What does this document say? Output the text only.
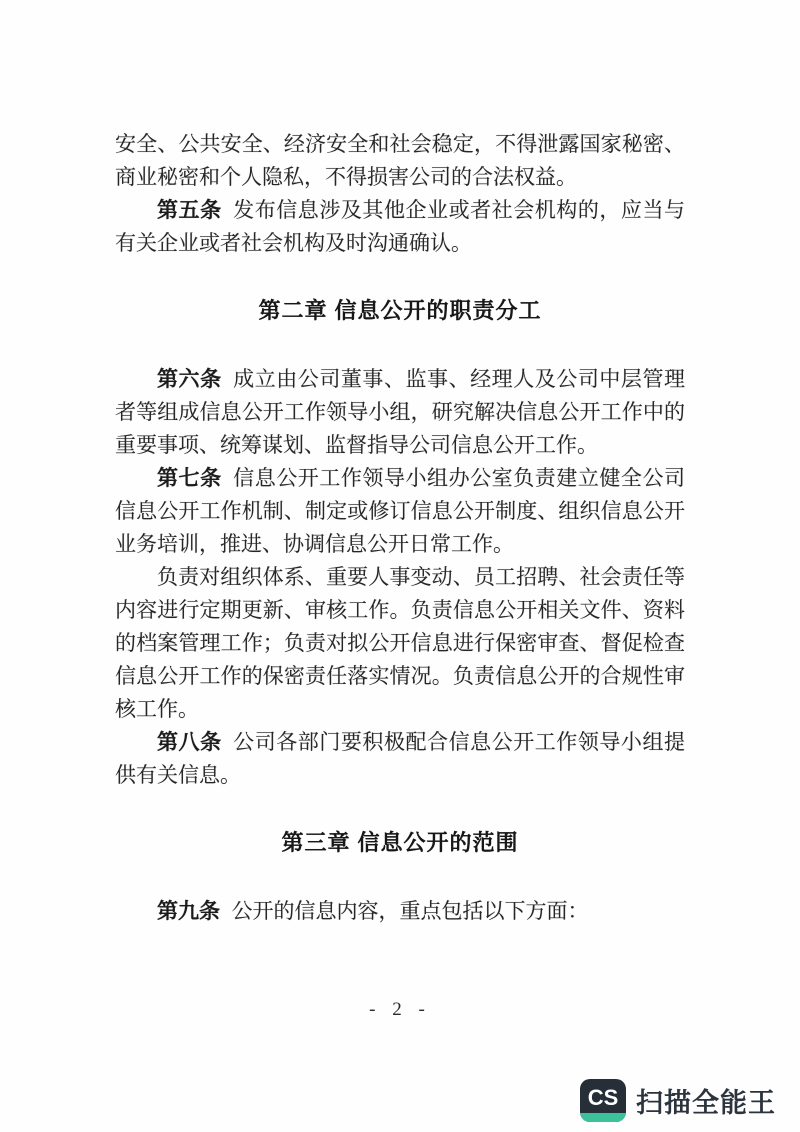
安全、公共安全、经济安全和社会稳定，不得泄露国家秘密、商业秘密和个人隐私，不得损害公司的合法权益。

第五条 发布信息涉及其他企业或者社会机构的，应当与有关企业或者社会机构及时沟通确认。

第二章 信息公开的职责分工

第六条 成立由公司董事、监事、经理人及公司中层管理者等组成信息公开工作领导小组，研究解决信息公开工作中的重要事项、统筹谋划、监督指导公司信息公开工作。

第七条 信息公开工作领导小组办公室负责建立健全公司信息公开工作机制、制定或修订信息公开制度、组织信息公开业务培训，推进、协调信息公开日常工作。

负责对组织体系、重要人事变动、员工招聘、社会责任等内容进行定期更新、审核工作。负责信息公开相关文件、资料的档案管理工作；负责对拟公开信息进行保密审查、督促检查信息公开工作的保密责任落实情况。负责信息公开的合规性审核工作。

第八条 公司各部门要积极配合信息公开工作领导小组提供有关信息。

第三章 信息公开的范围

第九条 公开的信息内容，重点包括以下方面：

- 2 -
CS 扫描全能王
